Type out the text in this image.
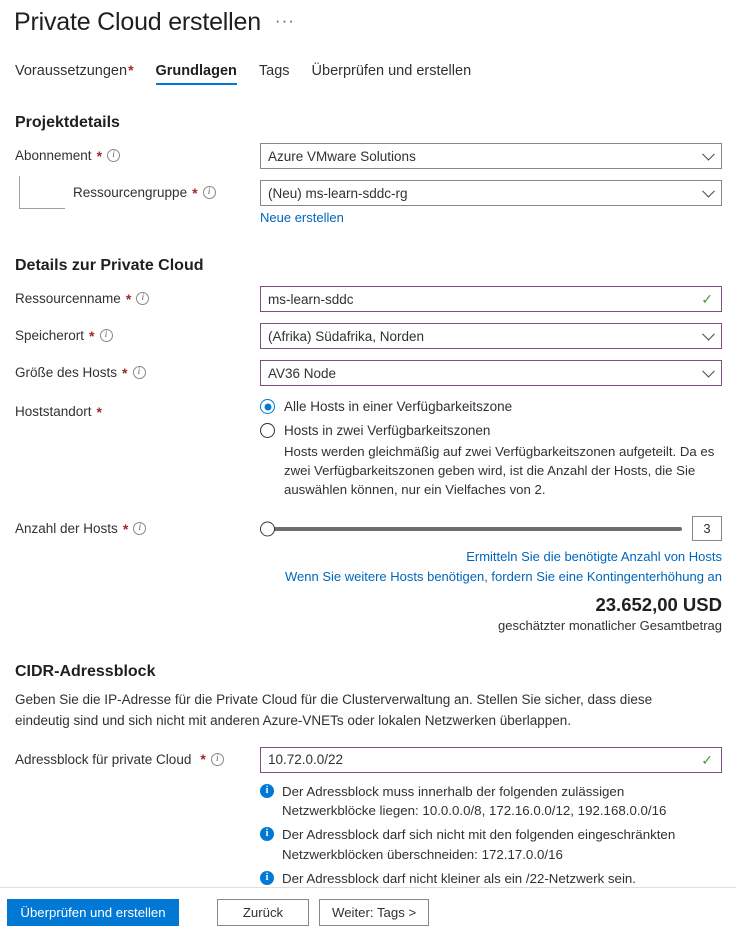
Private Cloud erstellen ···
Voraussetzungen* Grundlagen Tags Überprüfen und erstellen
Projektdetails
Abonnement *	i	Azure VMware Solutions
Ressourcengruppe *	i	(Neu) ms-learn-sddc-rg
Neue erstellen
Details zur Private Cloud
Ressourcenname *	i	ms-learn-sddc	✓
Speicherort *	i	(Afrika) Südafrika, Norden
Größe des Hosts *	i	AV36 Node
Hoststandort *	Alle Hosts in einer Verfügbarkeitszone
Hosts in zwei Verfügbarkeitszonen
Hosts werden gleichmäßig auf zwei Verfügbarkeitszonen aufgeteilt. Da es zwei Verfügbarkeitszonen geben wird, ist die Anzahl der Hosts, die Sie auswählen können, nur ein Vielfaches von 2.
Anzahl der Hosts *	i	3
Ermitteln Sie die benötigte Anzahl von Hosts
Wenn Sie weitere Hosts benötigen, fordern Sie eine Kontingenterhöhung an
23.652,00 USD
geschätzter monatlicher Gesamtbetrag
CIDR-Adressblock
Geben Sie die IP-Adresse für die Private Cloud für die Clusterverwaltung an. Stellen Sie sicher, dass diese eindeutig sind und sich nicht mit anderen Azure-VNETs oder lokalen Netzwerken überlappen.
Adressblock für private Cloud *	i	10.72.0.0/22	✓
i	Der Adressblock muss innerhalb der folgenden zulässigen Netzwerkblöcke liegen: 10.0.0.0/8, 172.16.0.0/12, 192.168.0.0/16
i	Der Adressblock darf sich nicht mit den folgenden eingeschränkten Netzwerkblöcken überschneiden: 172.17.0.0/16
i	Der Adressblock darf nicht kleiner als ein /22-Netzwerk sein.
Überprüfen und erstellen	Zurück	Weiter: Tags >
